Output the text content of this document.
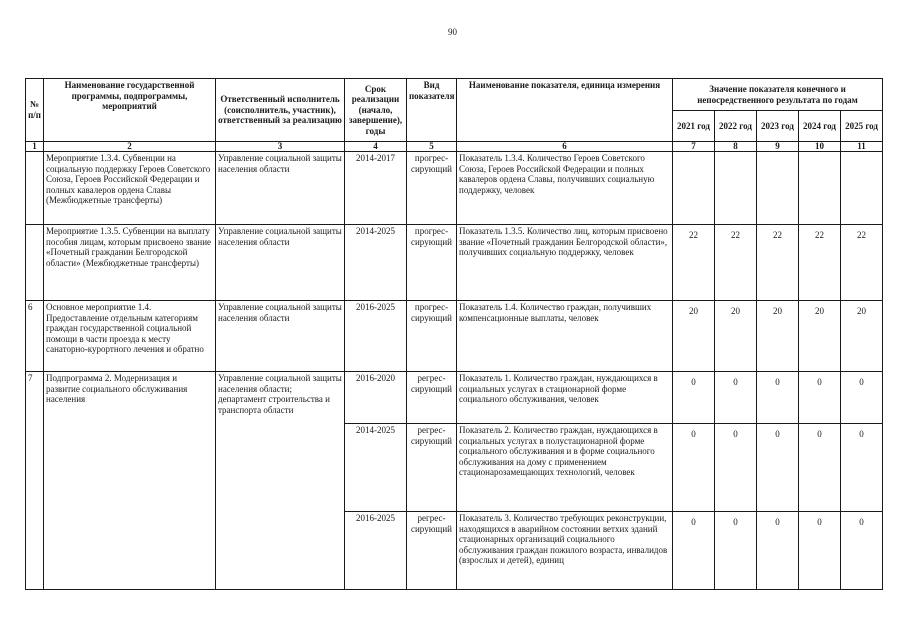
90
№ п/п	Наименование государственной программы, подпрограммы, мероприятий	Ответственный исполнитель (соисполнитель, участник), ответственный за реализацию	Срок реализации (начало, завершение), годы	Вид показателя	Наименование показателя, единица измерения	Значение показателя конечного и непосредственного результата по годам				
						2021 год	2022 год	2023 год	2024 год	2025 год
1	2	3	4	5	6	7	8	9	10	11
	Мероприятие 1.3.4. Субвенции на социальную поддержку Героев Советского Союза, Героев Российской Федерации и полных кавалеров ордена Славы (Межбюджетные трансферты)	Управление социальной защиты населения области	2014-2017	прогрес-сирующий	Показатель 1.3.4. Количество Героев Советского Союза, Героев Российской Федерации и полных кавалеров ордена Славы, получивших социальную поддержку, человек					
	Мероприятие 1.3.5. Субвенции на выплату пособия лицам, которым присвоено звание «Почетный гражданин Белгородской области» (Межбюджетные трансферты)	Управление социальной защиты населения области	2014-2025	прогрес-сирующий	Показатель 1.3.5. Количество лиц, которым присвоено звание «Почетный гражданин Белгородской области», получивших социальную поддержку, человек	22	22	22	22	22
6	Основное мероприятие 1.4. Предоставление отдельным категориям граждан государственной социальной помощи в части проезда к месту санаторно-курортного лечения и обратно	Управление социальной защиты населения области	2016-2025	прогрес-сирующий	Показатель 1.4. Количество граждан, получивших компенсационные выплаты, человек	20	20	20	20	20
7	Подпрограмма 2. Модернизация и развитие социального обслуживания населения	Управление социальной защиты населения области; департамент строительства и транспорта области	2016-2020	регрес-сирующий	Показатель 1. Количество граждан, нуждающихся в социальных услугах в стационарной форме социального обслуживания, человек	0	0	0	0	0
			2014-2025	регрес-сирующий	Показатель 2. Количество граждан, нуждающихся в социальных услугах в полустационарной форме социального обслуживания и в форме социального обслуживания на дому с применением стационарозамещающих технологий, человек	0	0	0	0	0
			2016-2025	регрес-сирующий	Показатель 3. Количество требующих реконструкции, находящихся в аварийном состоянии ветхих зданий стационарных организаций социального обслуживания граждан пожилого возраста, инвалидов (взрослых и детей), единиц	0	0	0	0	0
